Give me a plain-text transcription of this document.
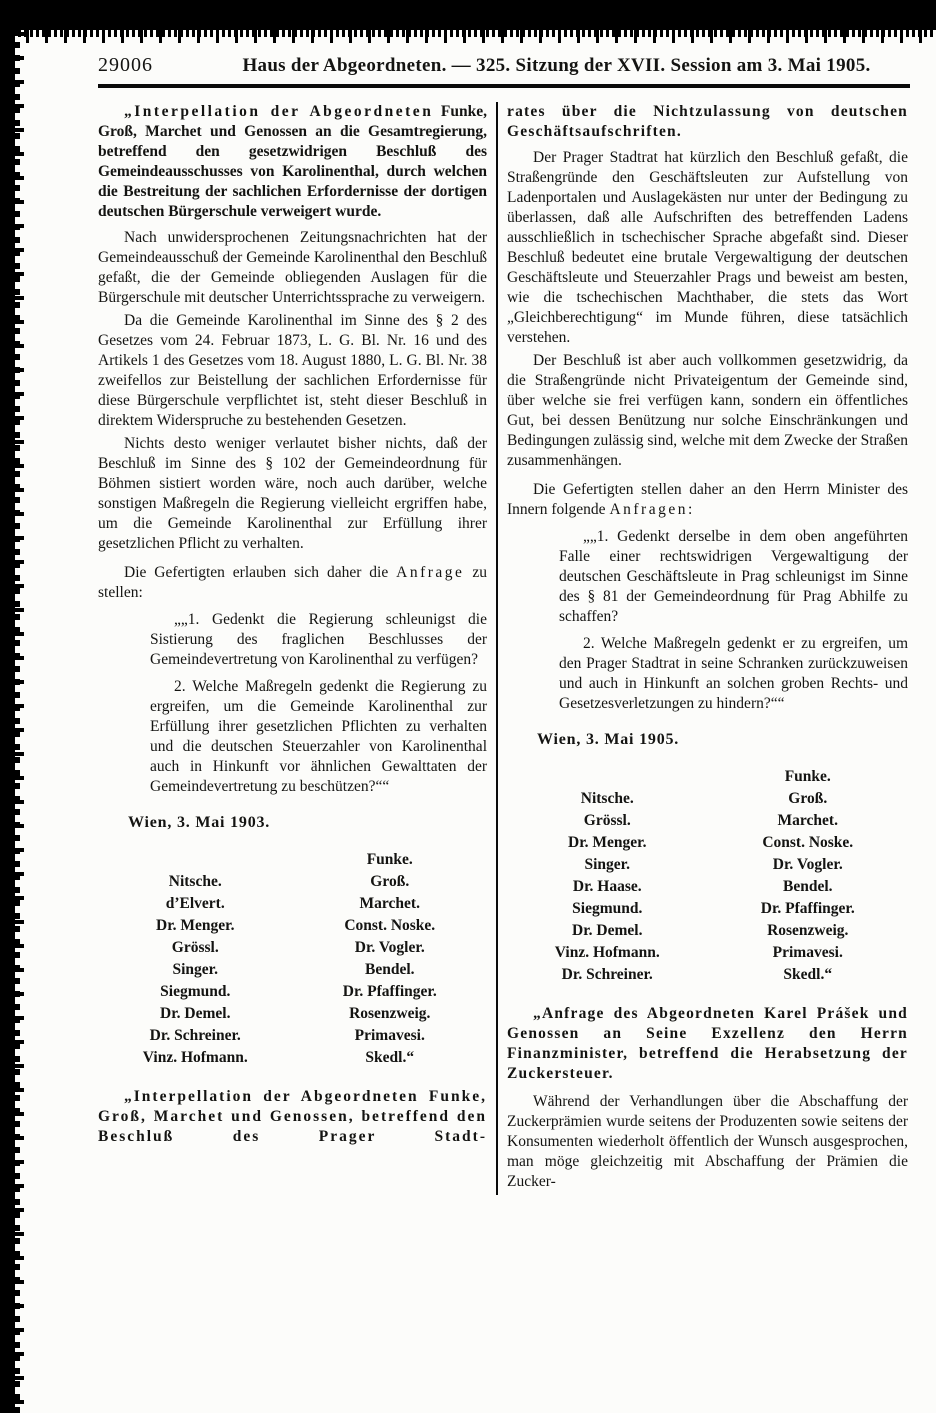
29006	Haus der Abgeordneten. — 325. Sitzung der XVII. Session am 3. Mai 1905.

„Interpellation der Abgeordneten Funke, Groß, Marchet und Genossen an die Gesamtregierung, betreffend den gesetzwidrigen Beschluß des Gemeindeausschusses von Karolinenthal, durch welchen die Bestreitung der sachlichen Erfordernisse der dortigen deutschen Bürgerschule verweigert wurde.

Nach unwidersprochenen Zeitungsnachrichten hat der Gemeindeausschuß der Gemeinde Karolinenthal den Beschluß gefaßt, die der Gemeinde obliegenden Auslagen für die Bürgerschule mit deutscher Unterrichtssprache zu verweigern.

Da die Gemeinde Karolinenthal im Sinne des § 2 des Gesetzes vom 24. Februar 1873, L. G. Bl. Nr. 16 und des Artikels 1 des Gesetzes vom 18. August 1880, L. G. Bl. Nr. 38 zweifellos zur Beistellung der sachlichen Erfordernisse für diese Bürgerschule verpflichtet ist, steht dieser Beschluß in direktem Widerspruche zu bestehenden Gesetzen.

Nichts desto weniger verlautet bisher nichts, daß der Beschluß im Sinne des § 102 der Gemeindeordnung für Böhmen sistiert worden wäre, noch auch darüber, welche sonstigen Maßregeln die Regierung vielleicht ergriffen habe, um die Gemeinde Karolinenthal zur Erfüllung ihrer gesetzlichen Pflicht zu verhalten.

Die Gefertigten erlauben sich daher die Anfrage zu stellen:

„„1. Gedenkt die Regierung schleunigst die Sistierung des fraglichen Beschlusses der Gemeindevertretung von Karolinenthal zu verfügen?

2. Welche Maßregeln gedenkt die Regierung zu ergreifen, um die Gemeinde Karolinenthal zur Erfüllung ihrer gesetzlichen Pflichten zu verhalten und die deutschen Steuerzahler von Karolinenthal auch in Hinkunft vor ähnlichen Gewalttaten der Gemeindevertretung zu beschützen?““

Wien, 3. Mai 1903.

Nitsche.
d’Elvert.
Dr. Menger.
Grössl.
Singer.
Siegmund.
Dr. Demel.
Dr. Schreiner.
Vinz. Hofmann.
Funke.
Groß.
Marchet.
Const. Noske.
Dr. Vogler.
Bendel.
Dr. Pfaffinger.
Rosenzweig.
Primavesi.
Skedl.“

„Interpellation der Abgeordneten Funke, Groß, Marchet und Genossen, betreffend den Beschluß des Prager Stadt-

rates über die Nichtzulassung von deutschen Geschäftsaufschriften.

Der Prager Stadtrat hat kürzlich den Beschluß gefaßt, die Straßengründe den Geschäftsleuten zur Aufstellung von Ladenportalen und Auslagekästen nur unter der Bedingung zu überlassen, daß alle Aufschriften des betreffenden Ladens ausschließlich in tschechischer Sprache abgefaßt sind. Dieser Beschluß bedeutet eine brutale Vergewaltigung der deutschen Geschäftsleute und Steuerzahler Prags und beweist am besten, wie die tschechischen Machthaber, die stets das Wort „Gleichberechtigung“ im Munde führen, diese tatsächlich verstehen.

Der Beschluß ist aber auch vollkommen gesetzwidrig, da die Straßengründe nicht Privateigentum der Gemeinde sind, über welche sie frei verfügen kann, sondern ein öffentliches Gut, bei dessen Benützung nur solche Einschränkungen und Bedingungen zulässig sind, welche mit dem Zwecke der Straßen zusammenhängen.

Die Gefertigten stellen daher an den Herrn Minister des Innern folgende Anfragen:

„„1. Gedenkt derselbe in dem oben angeführten Falle einer rechtswidrigen Vergewaltigung der deutschen Geschäftsleute in Prag schleunigst im Sinne des § 81 der Gemeindeordnung für Prag Abhilfe zu schaffen?

2. Welche Maßregeln gedenkt er zu ergreifen, um den Prager Stadtrat in seine Schranken zurückzuweisen und auch in Hinkunft an solchen groben Rechts- und Gesetzesverletzungen zu hindern?““

Wien, 3. Mai 1905.

Nitsche.
Grössl.
Dr. Menger.
Singer.
Dr. Haase.
Siegmund.
Dr. Demel.
Vinz. Hofmann.
Dr. Schreiner.
Funke.
Groß.
Marchet.
Const. Noske.
Dr. Vogler.
Bendel.
Dr. Pfaffinger.
Rosenzweig.
Primavesi.
Skedl.“

„Anfrage des Abgeordneten Karel Prášek und Genossen an Seine Exzellenz den Herrn Finanzminister, betreffend die Herabsetzung der Zuckersteuer.

Während der Verhandlungen über die Abschaffung der Zuckerprämien wurde seitens der Produzenten sowie seitens der Konsumenten wiederholt öffentlich der Wunsch ausgesprochen, man möge gleichzeitig mit Abschaffung der Prämien die Zucker-
